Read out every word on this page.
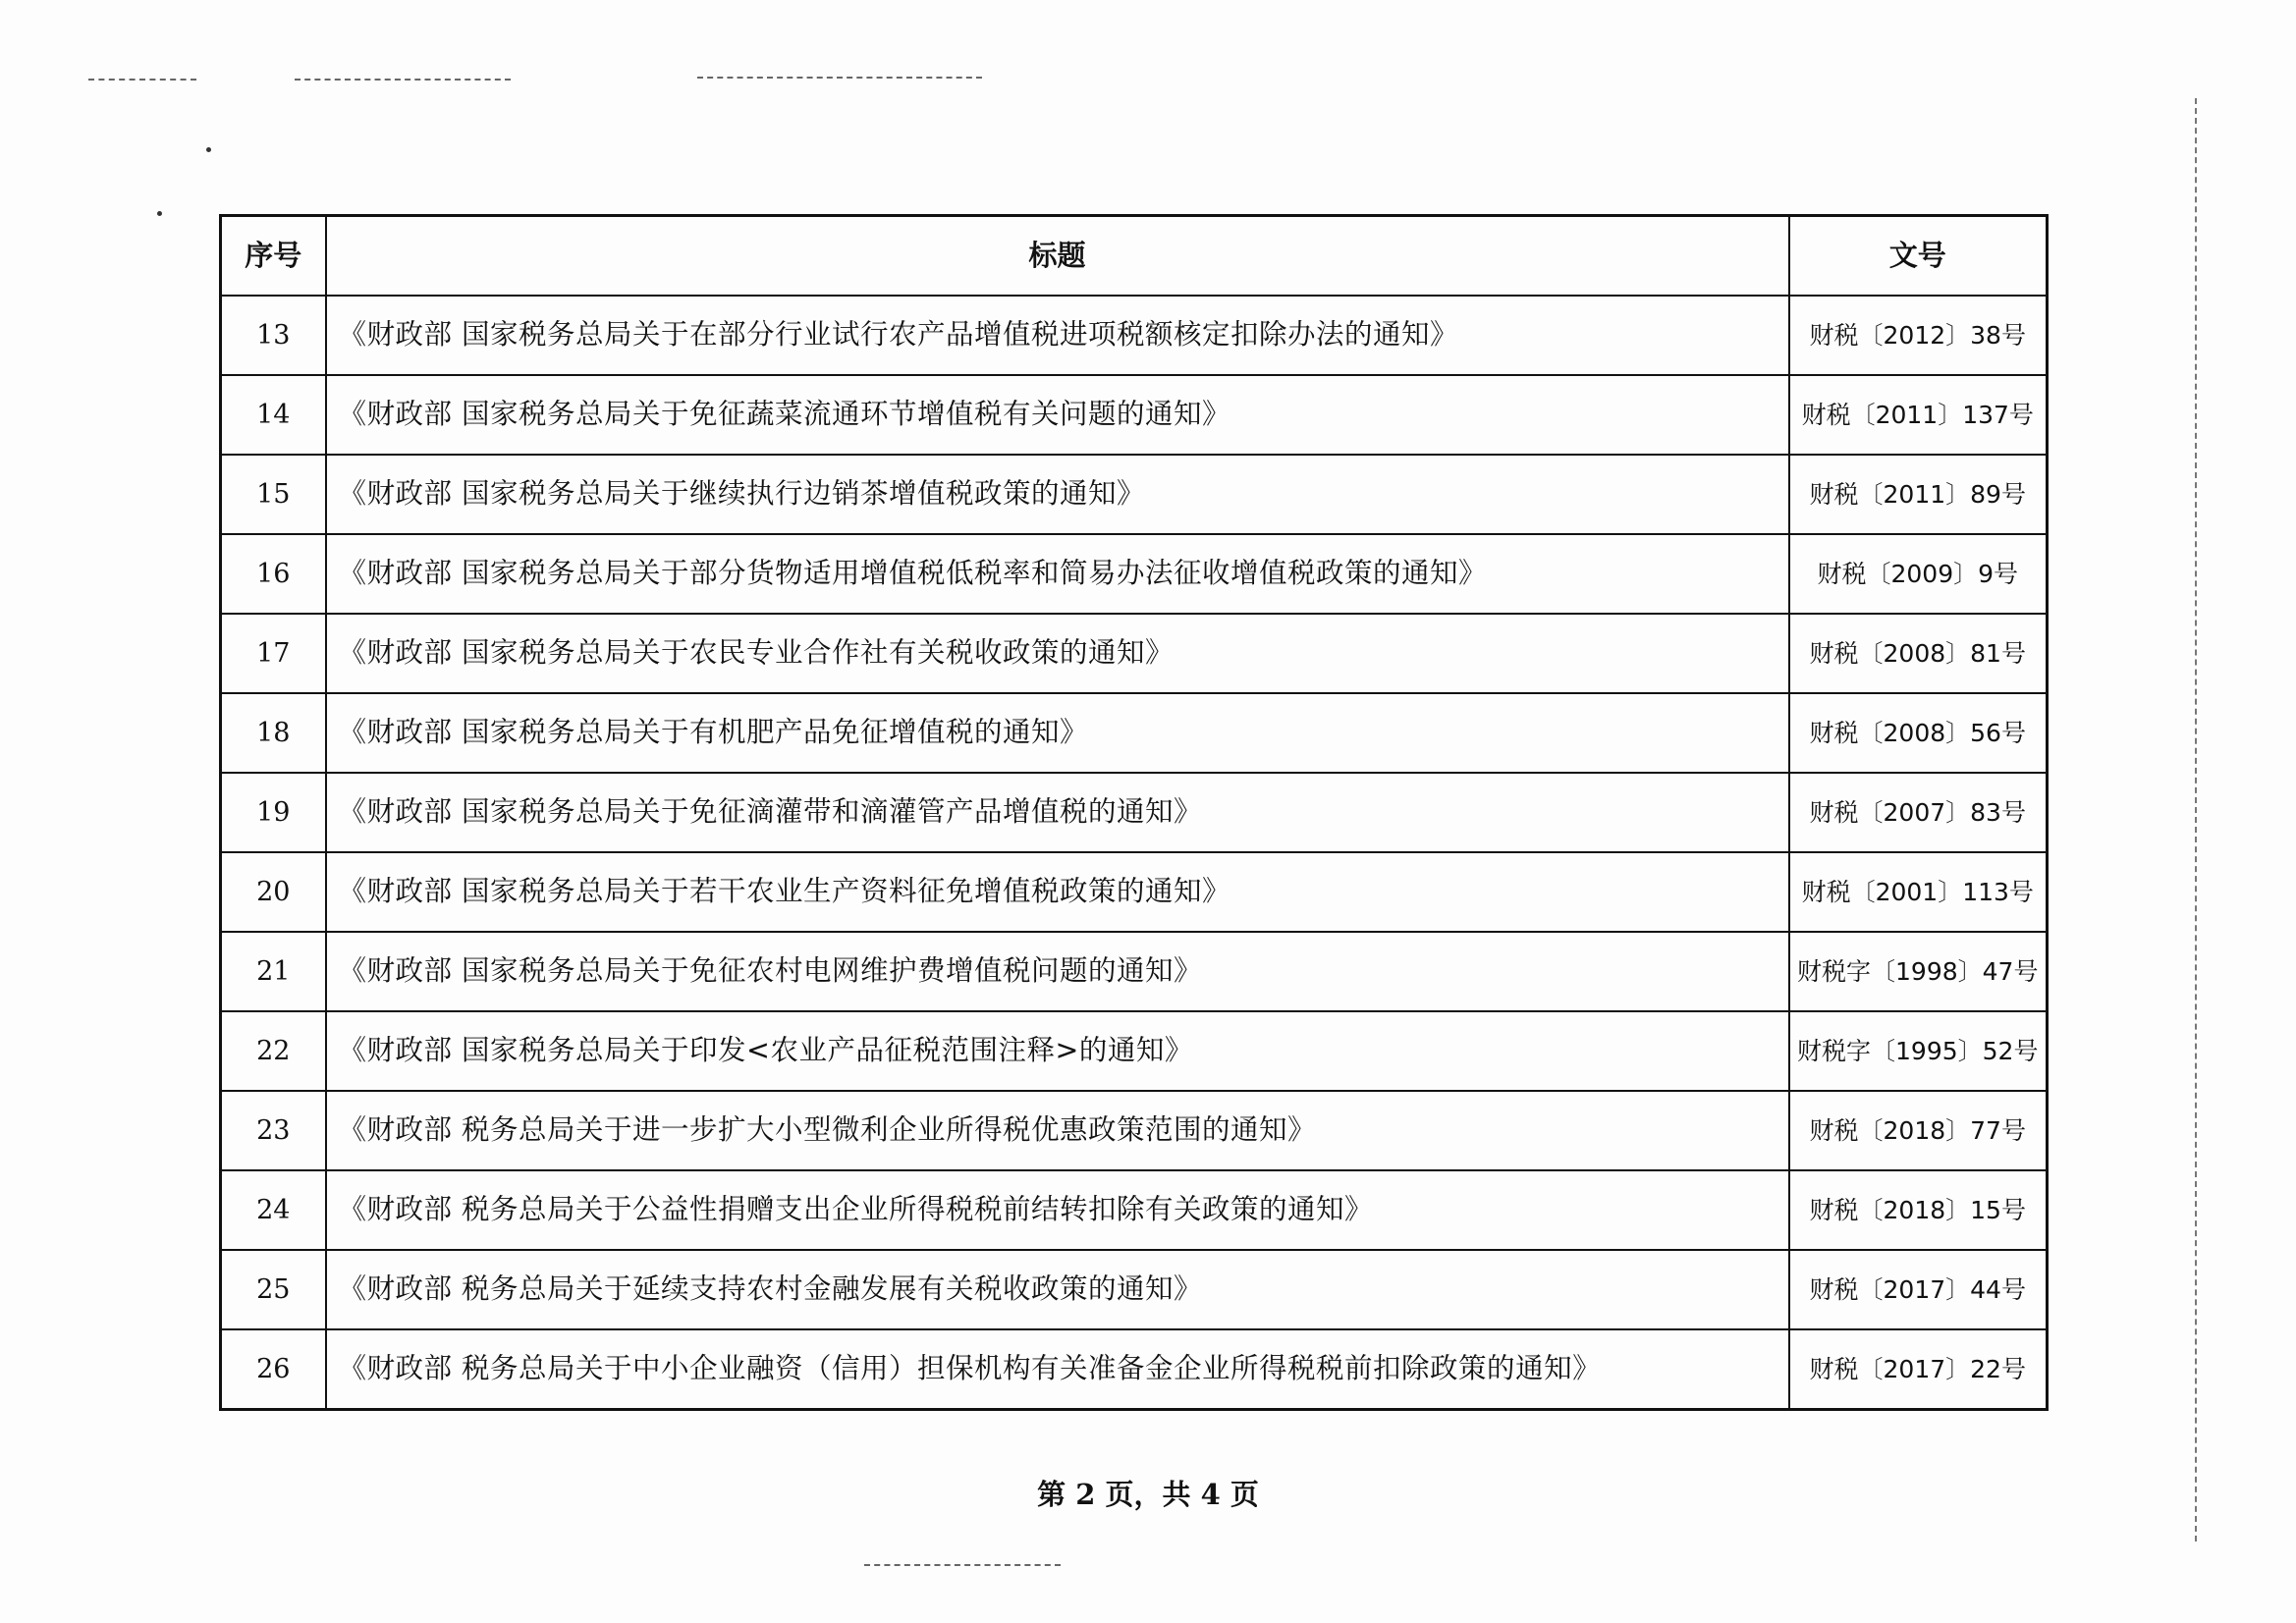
序号	标题	文号
13	《财政部 国家税务总局关于在部分行业试行农产品增值税进项税额核定扣除办法的通知》	财税〔2012〕38号
14	《财政部 国家税务总局关于免征蔬菜流通环节增值税有关问题的通知》	财税〔2011〕137号
15	《财政部 国家税务总局关于继续执行边销茶增值税政策的通知》	财税〔2011〕89号
16	《财政部 国家税务总局关于部分货物适用增值税低税率和简易办法征收增值税政策的通知》	财税〔2009〕9号
17	《财政部 国家税务总局关于农民专业合作社有关税收政策的通知》	财税〔2008〕81号
18	《财政部 国家税务总局关于有机肥产品免征增值税的通知》	财税〔2008〕56号
19	《财政部 国家税务总局关于免征滴灌带和滴灌管产品增值税的通知》	财税〔2007〕83号
20	《财政部 国家税务总局关于若干农业生产资料征免增值税政策的通知》	财税〔2001〕113号
21	《财政部 国家税务总局关于免征农村电网维护费增值税问题的通知》	财税字〔1998〕47号
22	《财政部 国家税务总局关于印发<农业产品征税范围注释>的通知》	财税字〔1995〕52号
23	《财政部 税务总局关于进一步扩大小型微利企业所得税优惠政策范围的通知》	财税〔2018〕77号
24	《财政部 税务总局关于公益性捐赠支出企业所得税税前结转扣除有关政策的通知》	财税〔2018〕15号
25	《财政部 税务总局关于延续支持农村金融发展有关税收政策的通知》	财税〔2017〕44号
26	《财政部 税务总局关于中小企业融资（信用）担保机构有关准备金企业所得税税前扣除政策的通知》	财税〔2017〕22号
第 2 页，共 4 页
